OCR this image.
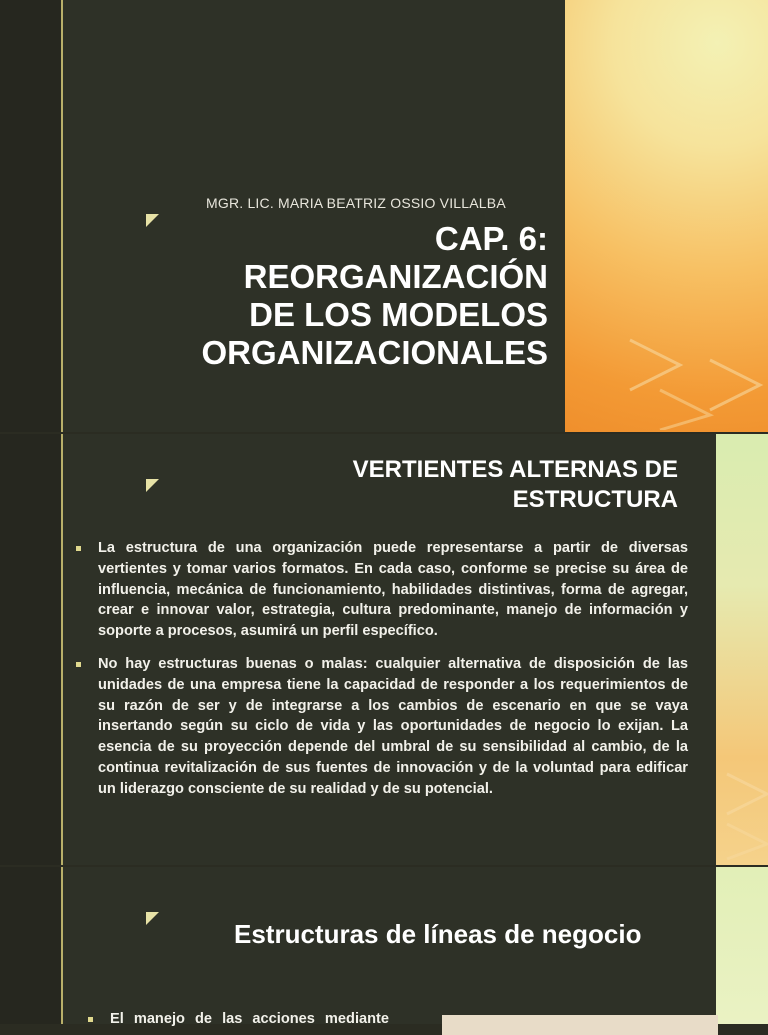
MGR. LIC. MARIA BEATRIZ OSSIO VILLALBA
CAP. 6:
REORGANIZACIÓN
DE LOS MODELOS
ORGANIZACIONALES
VERTIENTES ALTERNAS DE
ESTRUCTURA
La estructura de una organización puede representarse a partir de diversas vertientes y tomar varios formatos. En cada caso, conforme se precise su área de influencia, mecánica de funcionamiento, habilidades distintivas, forma de agregar, crear e innovar valor, estrategia, cultura predominante, manejo de información y soporte a procesos, asumirá un perfil específico.
No hay estructuras buenas o malas: cualquier alternativa de disposición de las unidades de una empresa tiene la capacidad de responder a los requerimientos de su razón de ser y de integrarse a los cambios de escenario en que se vaya insertando según su ciclo de vida y las oportunidades de negocio lo exijan. La esencia de su proyección depende del umbral de su sensibilidad al cambio, de la continua revitalización de sus fuentes de innovación y de la voluntad para edificar un liderazgo consciente de su realidad y de su potencial.
Estructuras de líneas de negocio
El manejo de las acciones mediante
